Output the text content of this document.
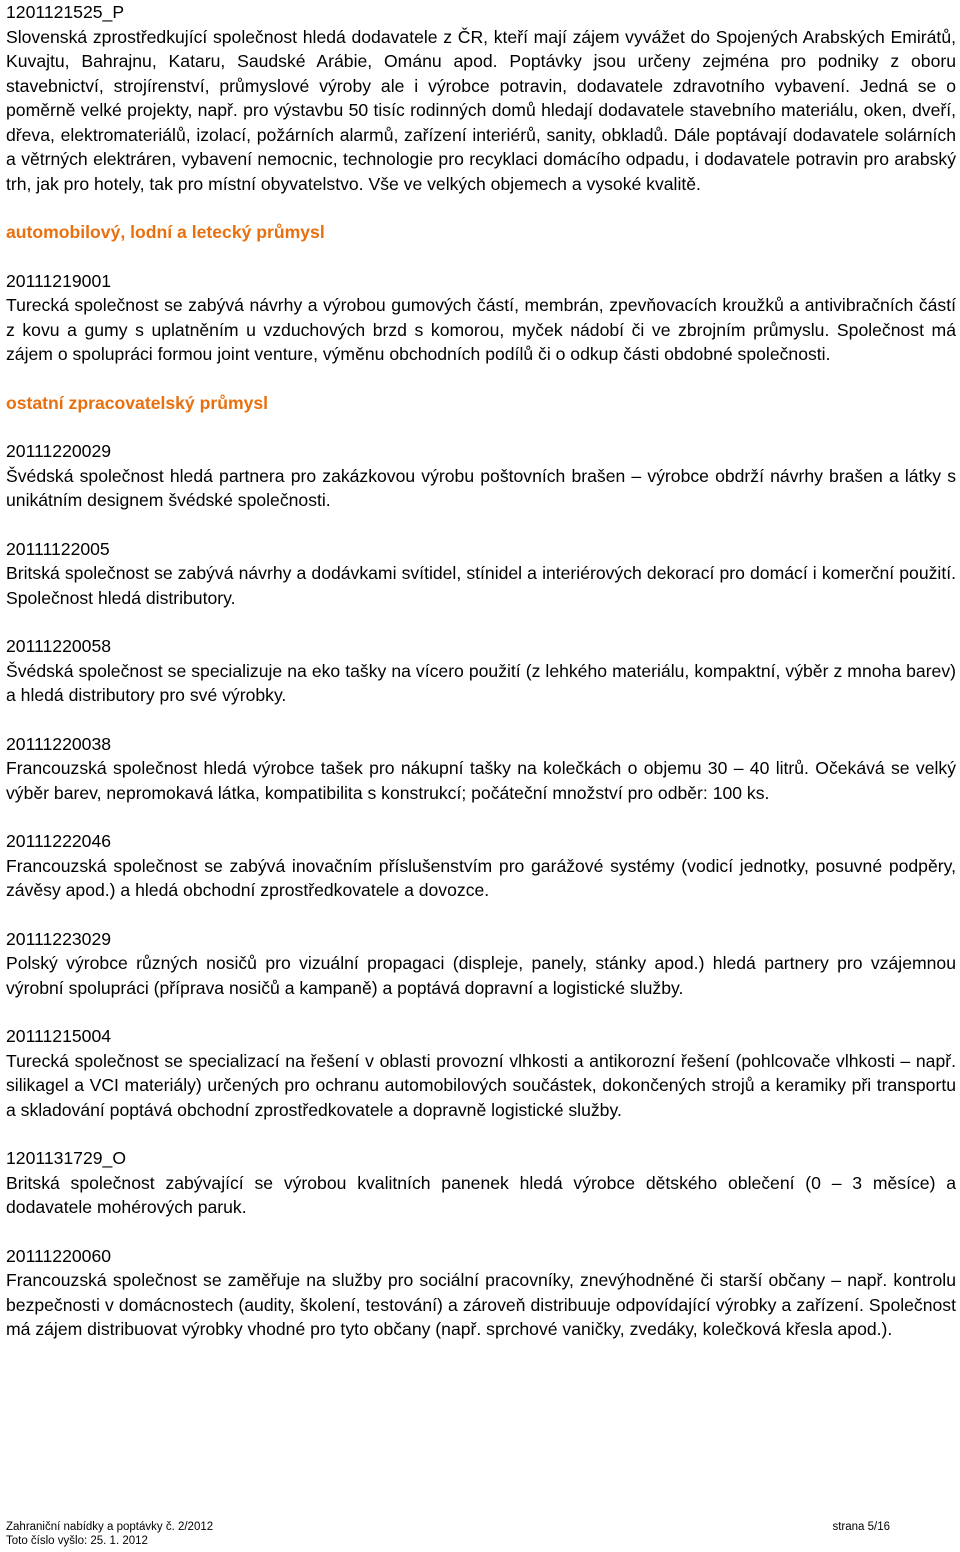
1201121525_P

Slovenská zprostředkující společnost hledá dodavatele z ČR, kteří mají zájem vyvážet do Spojených Arabských Emirátů, Kuvajtu, Bahrajnu, Kataru, Saudské Arábie, Ománu apod. Poptávky jsou určeny zejména pro podniky z oboru stavebnictví, strojírenství, průmyslové výroby ale i výrobce potravin, dodavatele zdravotního vybavení. Jedná se o poměrně velké projekty, např. pro výstavbu 50 tisíc rodinných domů hledají dodavatele stavebního materiálu, oken, dveří, dřeva, elektromateriálů, izolací, požárních alarmů, zařízení interiérů, sanity, obkladů. Dále poptávají dodavatele solárních a větrných elektráren, vybavení nemocnic, technologie pro recyklaci domácího odpadu, i dodavatele potravin pro arabský trh, jak pro hotely, tak pro místní obyvatelstvo. Vše ve velkých objemech a vysoké kvalitě.

automobilový, lodní a letecký průmysl

20111219001

Turecká společnost se zabývá návrhy a výrobou gumových částí, membrán, zpevňovacích kroužků a antivibračních částí z kovu a gumy s uplatněním u vzduchových brzd s komorou, myček nádobí či ve zbrojním průmyslu. Společnost má zájem o spolupráci formou joint venture, výměnu obchodních podílů či o odkup části obdobné společnosti.

ostatní zpracovatelský průmysl

20111220029

Švédská společnost hledá partnera pro zakázkovou výrobu poštovních brašen – výrobce obdrží návrhy brašen a látky s unikátním designem švédské společnosti.

20111122005

Britská společnost se zabývá návrhy a dodávkami svítidel, stínidel a interiérových dekorací pro domácí i komerční použití. Společnost hledá distributory.

20111220058

Švédská společnost se specializuje na eko tašky na vícero použití (z lehkého materiálu, kompaktní, výběr z mnoha barev) a hledá distributory pro své výrobky.

20111220038

Francouzská společnost hledá výrobce tašek pro nákupní tašky na kolečkách o objemu 30 – 40 litrů. Očekává se velký výběr barev, nepromokavá látka, kompatibilita s konstrukcí; počáteční množství pro odběr: 100 ks.

20111222046

Francouzská společnost se zabývá inovačním příslušenstvím pro garážové systémy (vodicí jednotky, posuvné podpěry, závěsy apod.) a hledá obchodní zprostředkovatele a dovozce.

20111223029

Polský výrobce různých nosičů pro vizuální propagaci (displeje, panely, stánky apod.) hledá partnery pro vzájemnou výrobní spolupráci (příprava nosičů a kampaně) a poptává dopravní a logistické služby.

20111215004

Turecká společnost se specializací na řešení v oblasti provozní vlhkosti a antikorozní řešení (pohlcovače vlhkosti – např. silikagel a VCI materiály) určených pro ochranu automobilových součástek, dokončených strojů a keramiky při transportu a skladování poptává obchodní zprostředkovatele a dopravně logistické služby.

1201131729_O

Britská společnost zabývající se výrobou kvalitních panenek hledá výrobce dětského oblečení (0 – 3 měsíce) a dodavatele mohérových paruk.

20111220060

Francouzská společnost se zaměřuje na služby pro sociální pracovníky, znevýhodněné či starší občany – např. kontrolu bezpečnosti v domácnostech (audity, školení, testování) a zároveň distribuuje odpovídající výrobky a zařízení. Společnost má zájem distribuovat výrobky vhodné pro tyto občany (např. sprchové vaničky, zvedáky, kolečková křesla apod.).

Zahraniční nabídky a poptávky č. 2/2012	strana 5/16
Toto číslo vyšlo: 25. 1. 2012
